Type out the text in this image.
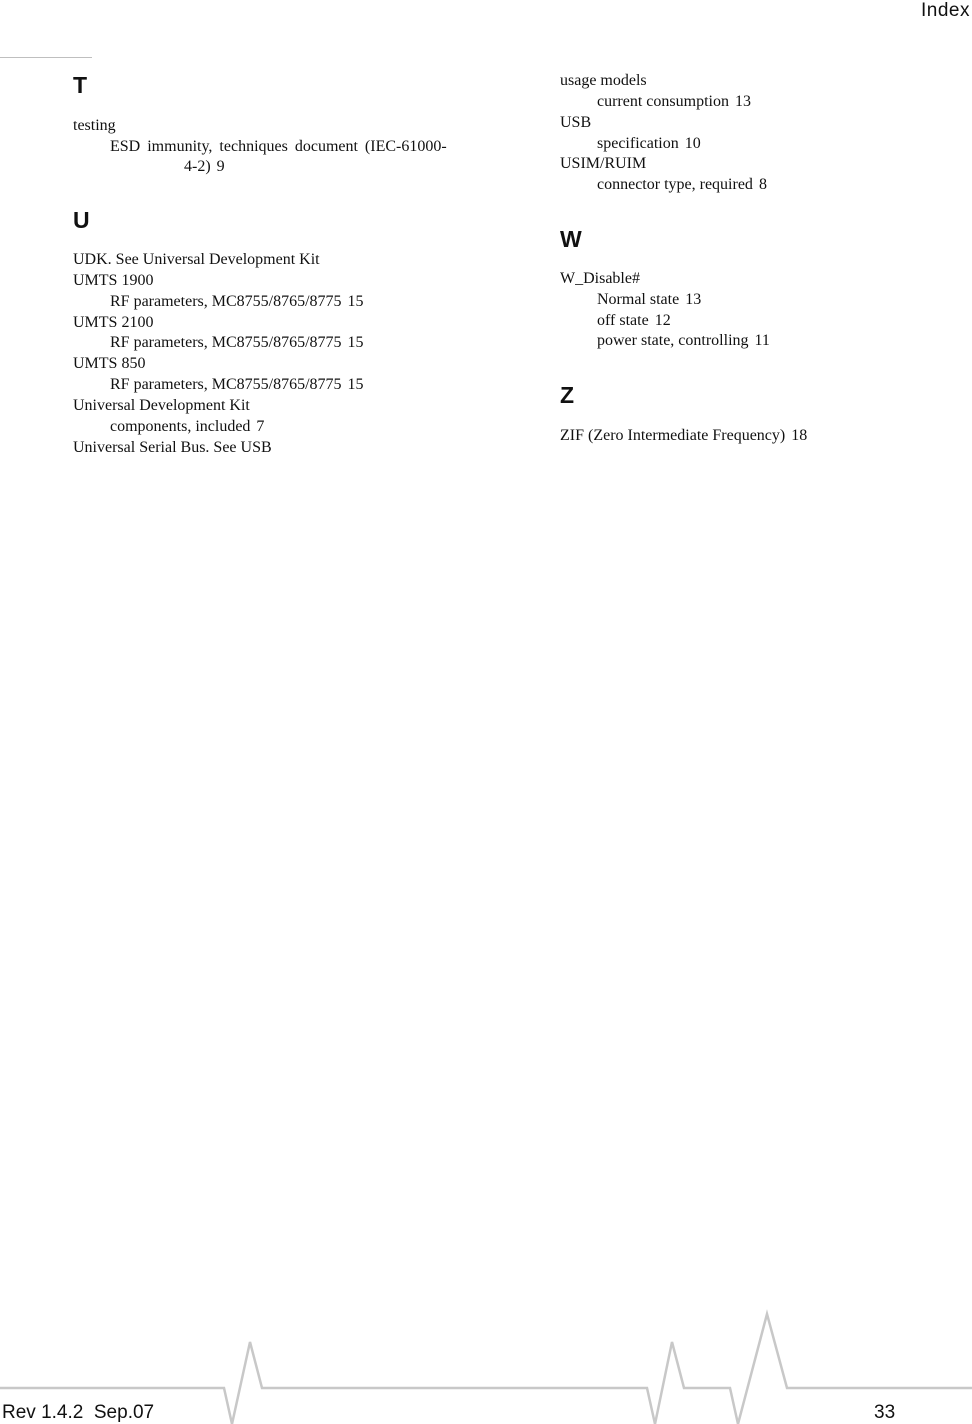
Index
T
testing
ESD immunity, techniques document (IEC-61000-
4-2) 9
U
UDK. See Universal Development Kit
UMTS 1900
RF parameters, MC8755/8765/8775 15
UMTS 2100
RF parameters, MC8755/8765/8775 15
UMTS 850
RF parameters, MC8755/8765/8775 15
Universal Development Kit
components, included 7
Universal Serial Bus. See USB
usage models
current consumption 13
USB
specification 10
USIM/RUIM
connector type, required 8
W
W_Disable#
Normal state 13
off state 12
power state, controlling 11
Z
ZIF (Zero Intermediate Frequency) 18
Rev 1.4.2  Sep.07	33
